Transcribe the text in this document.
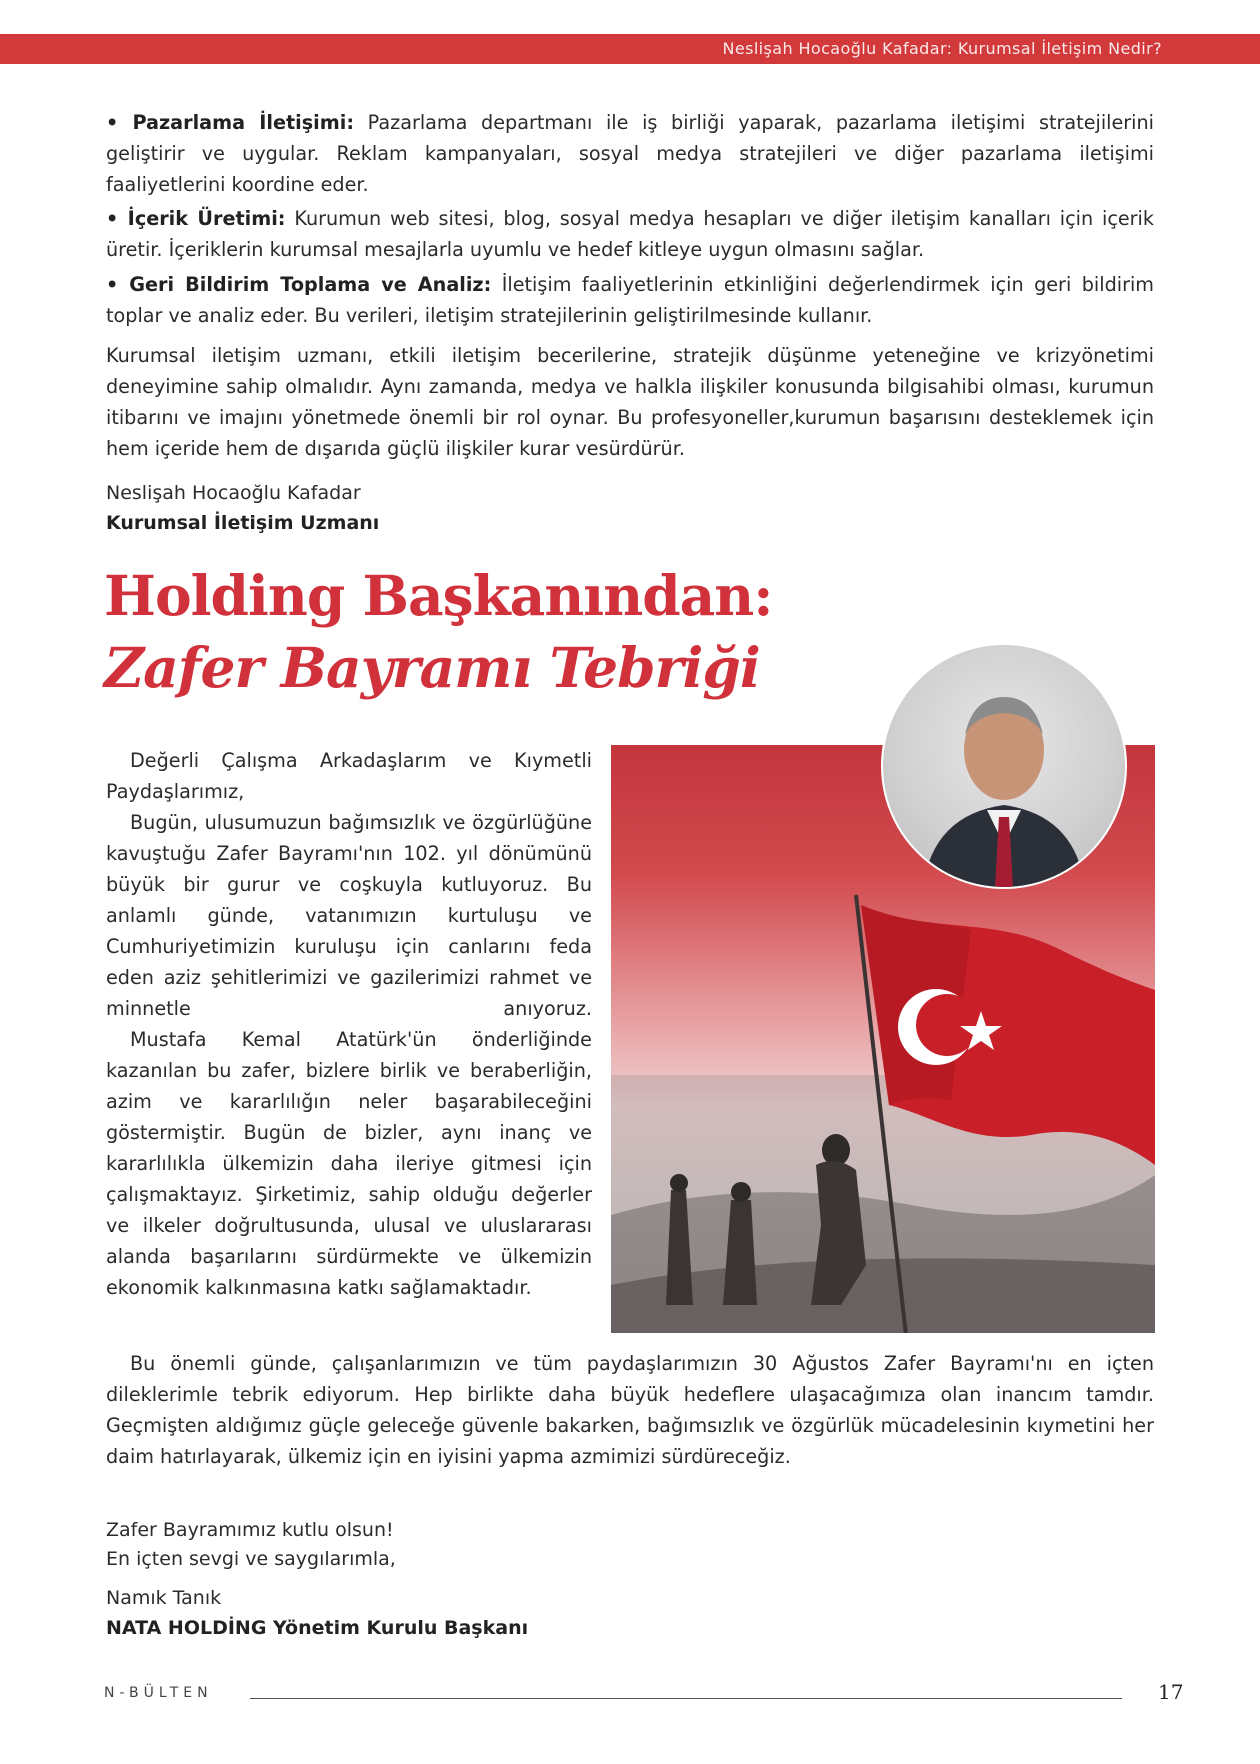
Neslişah Hocaoğlu Kafadar: Kurumsal İletişim Nedir?

• Pazarlama İletişimi: Pazarlama departmanı ile iş birliği yaparak, pazarlama iletişimi stratejilerini geliştirir ve uygular. Reklam kampanyaları, sosyal medya stratejileri ve diğer pazarlama iletişimi faaliyetlerini koordine eder.

• İçerik Üretimi: Kurumun web sitesi, blog, sosyal medya hesapları ve diğer iletişim kanalları için içerik üretir. İçeriklerin kurumsal mesajlarla uyumlu ve hedef kitleye uygun olmasını sağlar.

• Geri Bildirim Toplama ve Analiz: İletişim faaliyetlerinin etkinliğini değerlendirmek için geri bildirim toplar ve analiz eder. Bu verileri, iletişim stratejilerinin geliştirilmesinde kullanır.

Kurumsal iletişim uzmanı, etkili iletişim becerilerine, stratejik düşünme yeteneğine ve krizyönetimi deneyimine sahip olmalıdır. Aynı zamanda, medya ve halkla ilişkiler konusunda bilgisahibi olması, kurumun itibarını ve imajını yönetmede önemli bir rol oynar. Bu profesyoneller,kurumun başarısını desteklemek için hem içeride hem de dışarıda güçlü ilişkiler kurar vesürdürür.

Neslişah Hocaoğlu Kafadar

Kurumsal İletişim Uzmanı

Holding Başkanından:
Zafer Bayramı Tebriği
Değerli Çalışma Arkadaşlarım ve Kıymetli Paydaşlarımız,
Bugün, ulusumuzun bağımsızlık ve özgürlüğüne kavuştuğu Zafer Bayramı'nın 102. yıl dönümünü büyük bir gurur ve coşkuyla kutluyoruz. Bu anlamlı günde, vatanımızın kurtuluşu ve Cumhuriyetimizin kuruluşu için canlarını feda eden aziz şehitlerimizi ve gazilerimizi rahmet ve minnetle anıyoruz.
Mustafa Kemal Atatürk'ün önderliğinde kazanılan bu zafer, bizlere birlik ve beraberliğin, azim ve kararlılığın neler başarabileceğini göstermiştir. Bugün de bizler, aynı inanç ve kararlılıkla ülkemizin daha ileriye gitmesi için çalışmaktayız. Şirketimiz, sahip olduğu değerler ve ilkeler doğrultusunda, ulusal ve uluslararası alanda başarılarını sürdürmekte ve ülkemizin ekonomik kalkınmasına katkı sağlamaktadır.

Bu önemli günde, çalışanlarımızın ve tüm paydaşlarımızın 30 Ağustos Zafer Bayramı'nı en içten dileklerimle tebrik ediyorum. Hep birlikte daha büyük hedeflere ulaşacağımıza olan inancım tamdır. Geçmişten aldığımız güçle geleceğe güvenle bakarken, bağımsızlık ve özgürlük mücadelesinin kıymetini her daim hatırlayarak, ülkemiz için en iyisini yapma azmimizi sürdüreceğiz.

Zafer Bayramımız kutlu olsun!

En içten sevgi ve saygılarımla,

Namık Tanık

NATA HOLDİNG Yönetim Kurulu Başkanı

N-BÜLTEN	17
